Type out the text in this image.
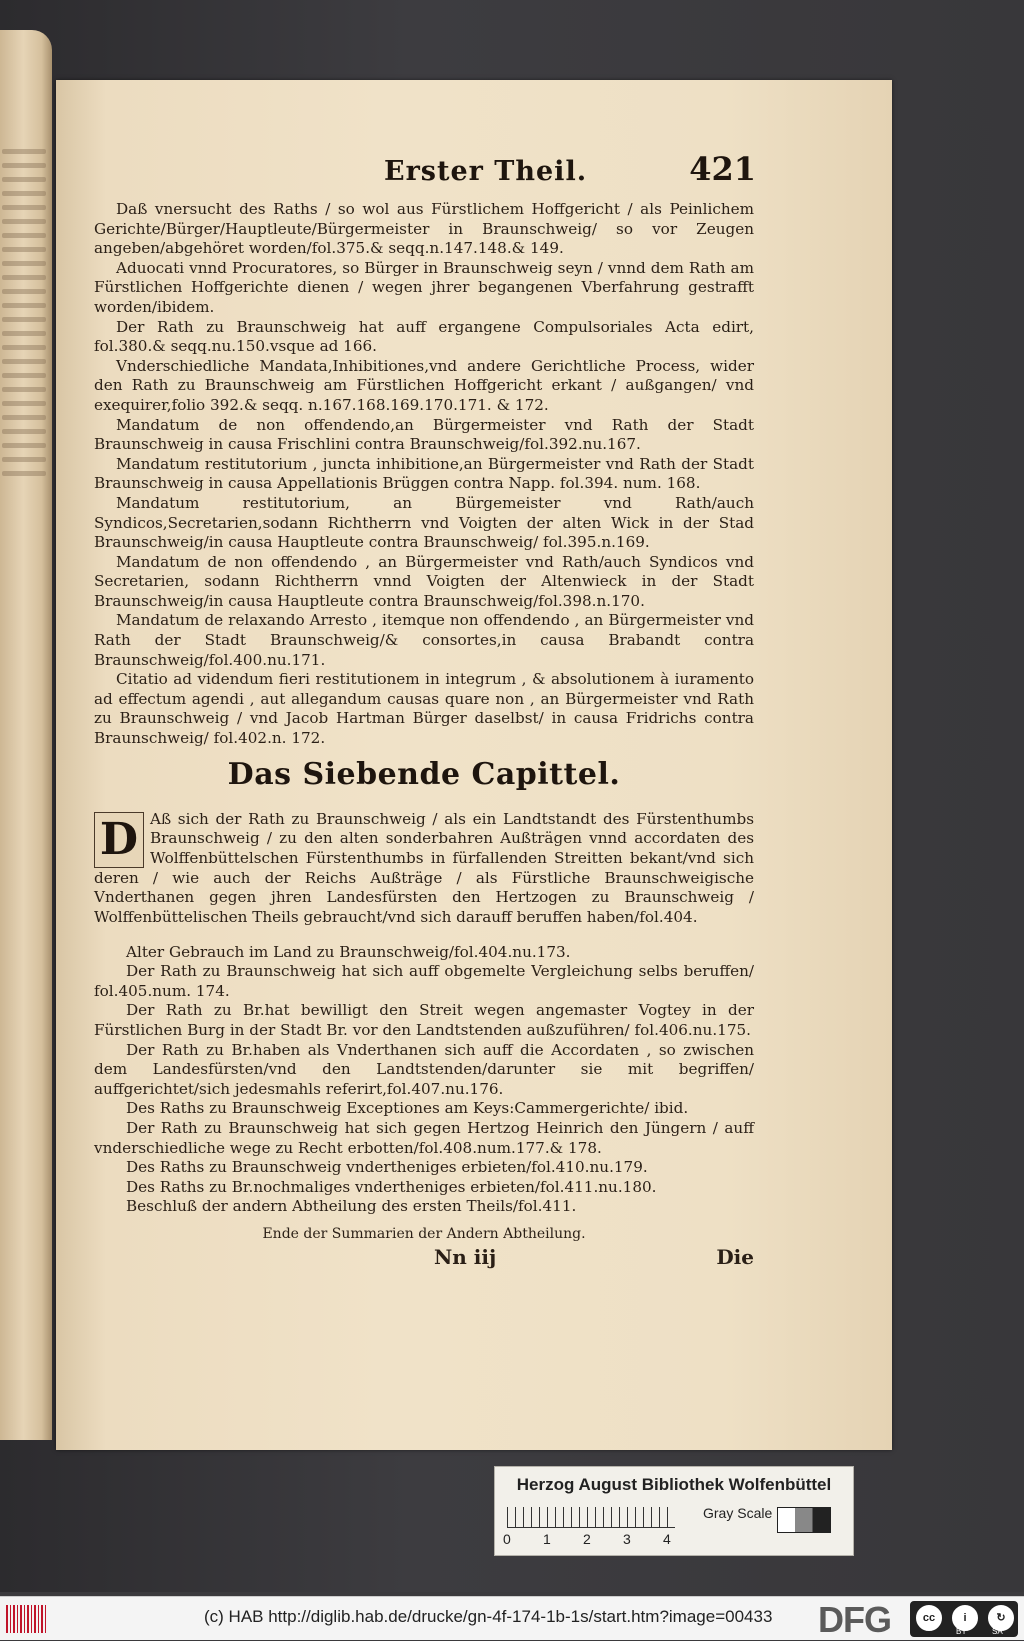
Erster Theil.	421

Daß vnersucht des Raths / so wol aus Fürstlichem Hoffgericht / als Peinlichem Gerichte/Bürger/Hauptleute/Bürgermeister in Braunschweig/ so vor Zeugen angeben/abgehöret worden/fol.375.& seqq.n.147.148.& 149.

Aduocati vnnd Procuratores, so Bürger in Braunschweig seyn / vnnd dem Rath am Fürstlichen Hoffgerichte dienen / wegen jhrer begangenen Vberfahrung gestrafft worden/ibidem.

Der Rath zu Braunschweig hat auff ergangene Compulsoriales Acta edirt, fol.380.& seqq.nu.150.vsque ad 166.

Vnderschiedliche Mandata,Inhibitiones,vnd andere Gerichtliche Process, wider den Rath zu Braunschweig am Fürstlichen Hoffgericht erkant / außgangen/ vnd exequirer,folio 392.& seqq. n.167.168.169.170.171. & 172.

Mandatum de non offendendo,an Bürgermeister vnd Rath der Stadt Braunschweig in causa Frischlini contra Braunschweig/fol.392.nu.167.

Mandatum restitutorium , juncta inhibitione,an Bürgermeister vnd Rath der Stadt Braunschweig in causa Appellationis Brüggen contra Napp. fol.394. num. 168.

Mandatum restitutorium, an Bürgemeister vnd Rath/auch Syndicos,Secretarien,sodann Richtherrn vnd Voigten der alten Wick in der Stad Braunschweig/in causa Hauptleute contra Braunschweig/ fol.395.n.169.

Mandatum de non offendendo , an Bürgermeister vnd Rath/auch Syndicos vnd Secretarien, sodann Richtherrn vnnd Voigten der Altenwieck in der Stadt Braunschweig/in causa Hauptleute contra Braunschweig/fol.398.n.170.

Mandatum de relaxando Arresto , itemque non offendendo , an Bürgermeister vnd Rath der Stadt Braunschweig/& consortes,in causa Brabandt contra Braunschweig/fol.400.nu.171.

Citatio ad videndum fieri restitutionem in integrum , & absolutionem à iuramento ad effectum agendi , aut allegandum causas quare non , an Bürgermeister vnd Rath zu Braunschweig / vnd Jacob Hartman Bürger daselbst/ in causa Fridrichs contra Braunschweig/ fol.402.n. 172.

Das Siebende Capittel.

D Aß sich der Rath zu Braunschweig / als ein Landtstandt des Fürstenthumbs Braunschweig / zu den alten sonderbahren Außträgen vnnd accordaten des Wolffenbüttelschen Fürstenthumbs in fürfallenden Streitten bekant/vnd sich deren / wie auch der Reichs Außträge / als Fürstliche Braunschweigische Vnderthanen gegen jhren Landesfürsten den Hertzogen zu Braunschweig / Wolffenbüttelischen Theils gebraucht/vnd sich darauff beruffen haben/fol.404.

Alter Gebrauch im Land zu Braunschweig/fol.404.nu.173.

Der Rath zu Braunschweig hat sich auff obgemelte Vergleichung selbs beruffen/ fol.405.num. 174.

Der Rath zu Br.hat bewilligt den Streit wegen angemaster Vogtey in der Fürstlichen Burg in der Stadt Br. vor den Landtstenden außzuführen/ fol.406.nu.175.

Der Rath zu Br.haben als Vnderthanen sich auff die Accordaten , so zwischen dem Landesfürsten/vnd den Landtstenden/darunter sie mit begriffen/ auffgerichtet/sich jedesmahls referirt,fol.407.nu.176.

Des Raths zu Braunschweig Exceptiones am Keys:Cammergerichte/ ibid.

Der Rath zu Braunschweig hat sich gegen Hertzog Heinrich den Jüngern / auff vnderschiedliche wege zu Recht erbotten/fol.408.num.177.& 178.

Des Raths zu Braunschweig vndertheniges erbieten/fol.410.nu.179.

Des Raths zu Br.nochmaliges vndertheniges erbieten/fol.411.nu.180.

Beschluß der andern Abtheilung des ersten Theils/fol.411.

Ende der Summarien der Andern Abtheilung.
Nn iij	Die
Herzog August Bibliothek Wolfenbüttel
0 1 2 3 4
Gray Scale
(c) HAB http://diglib.hab.de/drucke/gn-4f-174-1b-1s/start.htm?image=00433 DFG	cc	i	↻
BY	SA
